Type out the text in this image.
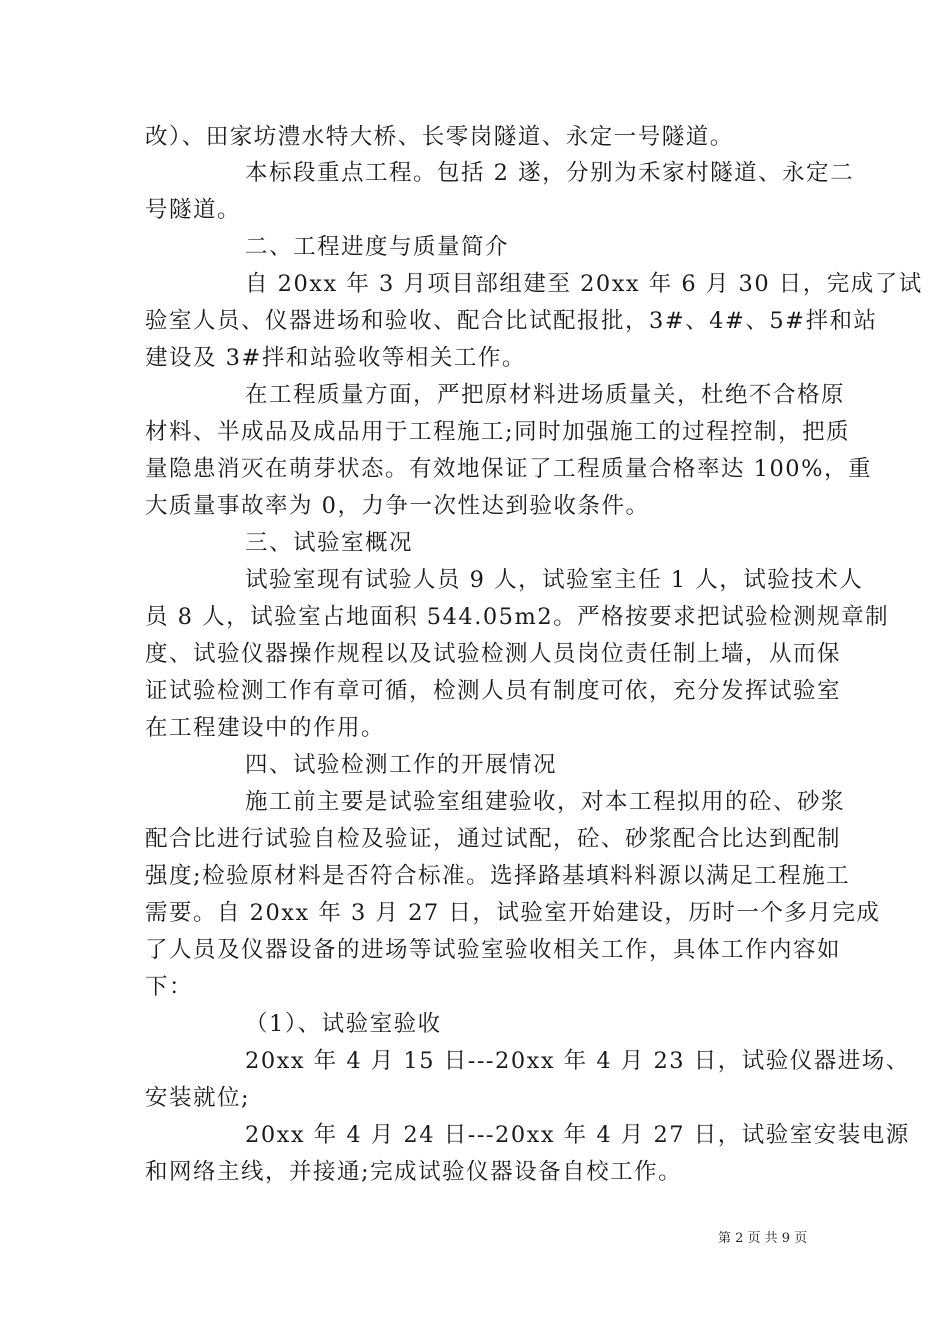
改）、田家坊澧水特大桥、长零岗隧道、永定一号隧道。
本标段重点工程。包括 2 遂，分别为禾家村隧道、永定二
号隧道。
二、工程进度与质量简介
自 20xx 年 3 月项目部组建至 20xx 年 6 月 30 日，完成了试
验室人员、仪器进场和验收、配合比试配报批，3#、4#、5#拌和站
建设及 3#拌和站验收等相关工作。
在工程质量方面，严把原材料进场质量关，杜绝不合格原
材料、半成品及成品用于工程施工;同时加强施工的过程控制，把质
量隐患消灭在萌芽状态。有效地保证了工程质量合格率达 100%，重
大质量事故率为 0，力争一次性达到验收条件。
三、试验室概况
试验室现有试验人员 9 人，试验室主任 1 人，试验技术人
员 8 人，试验室占地面积 544.05m2。严格按要求把试验检测规章制
度、试验仪器操作规程以及试验检测人员岗位责任制上墙，从而保
证试验检测工作有章可循，检测人员有制度可依，充分发挥试验室
在工程建设中的作用。
四、试验检测工作的开展情况
施工前主要是试验室组建验收，对本工程拟用的砼、砂浆
配合比进行试验自检及验证，通过试配，砼、砂浆配合比达到配制
强度;检验原材料是否符合标准。选择路基填料料源以满足工程施工
需要。自 20xx 年 3 月 27 日，试验室开始建设，历时一个多月完成
了人员及仪器设备的进场等试验室验收相关工作，具体工作内容如
下：
（1）、试验室验收
20xx 年 4 月 15 日---20xx 年 4 月 23 日，试验仪器进场、
安装就位;
20xx 年 4 月 24 日---20xx 年 4 月 27 日，试验室安装电源
和网络主线，并接通;完成试验仪器设备自校工作。
第 2 页 共 9 页
